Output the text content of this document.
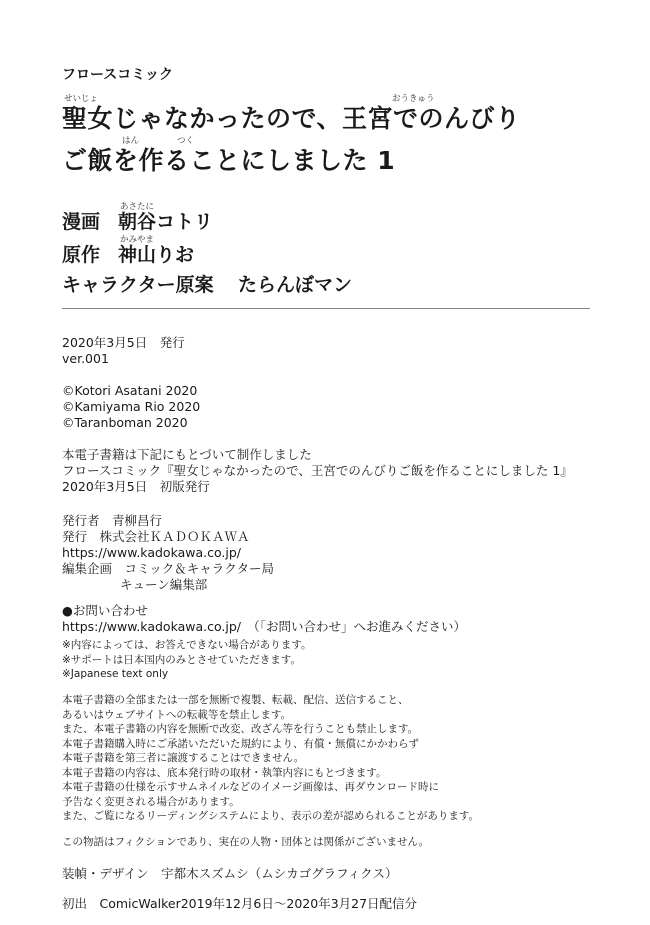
フロースコミック
せいじょ	おうきゅう
聖女じゃなかったので、王宮でのんびり
はん	つく
ご飯を作ることにしました 1
あさたに
漫画 朝谷コトリ
かみやま
原作 神山りお
キャラクター原案 たらんぼマン
2020年3月5日　発行
ver.001
©Kotori Asatani 2020
©Kamiyama Rio 2020
©Taranboman 2020
本電子書籍は下記にもとづいて制作しました
フロースコミック『聖女じゃなかったので、王宮でのんびりご飯を作ることにしました 1』
2020年3月5日　初版発行
発行者　青柳昌行
発行　株式会社ＫＡＤＯＫＡＷＡ
https://www.kadokawa.co.jp/
編集企画　コミック＆キャラクター局
キューン編集部
●お問い合わせ
https://www.kadokawa.co.jp/　（「お問い合わせ」へお進みください）
※内容によっては、お答えできない場合があります。
※サポートは日本国内のみとさせていただきます。
※Japanese text only
本電子書籍の全部または一部を無断で複製、転載、配信、送信すること、
あるいはウェブサイトへの転載等を禁止します。
また、本電子書籍の内容を無断で改変、改ざん等を行うことも禁止します。
本電子書籍購入時にご承諾いただいた規約により、有償・無償にかかわらず
本電子書籍を第三者に譲渡することはできません。
本電子書籍の内容は、底本発行時の取材・執筆内容にもとづきます。
本電子書籍の仕様を示すサムネイルなどのイメージ画像は、再ダウンロード時に
予告なく変更される場合があります。
また、ご覧になるリーディングシステムにより、表示の差が認められることがあります。
この物語はフィクションであり、実在の人物・団体とは関係がございません。
装幀・デザイン　宇都木スズムシ（ムシカゴグラフィクス）
初出　ComicWalker2019年12月6日～2020年3月27日配信分
